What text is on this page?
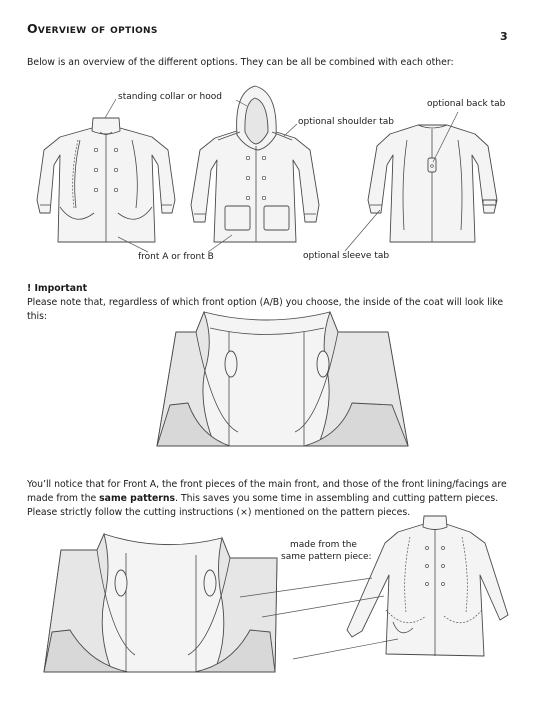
Overview of options
3
Below is an overview of the different options. They can be all be combined with each other:
! Important
Please note that, regardless of which front option (A/B) you choose, the inside of the coat will look like this:
You’ll notice that for Front A, the front pieces of the main front, and those of the front lining/facings are made from the same patterns. This saves you some time in assembling and cutting pattern pieces. Please strictly follow the cutting instructions (⨯) mentioned on the pattern pieces.
standing collar or hood
optional shoulder tab
optional back tab
front A or front B	optional sleeve tab
made from the
same pattern piece:
